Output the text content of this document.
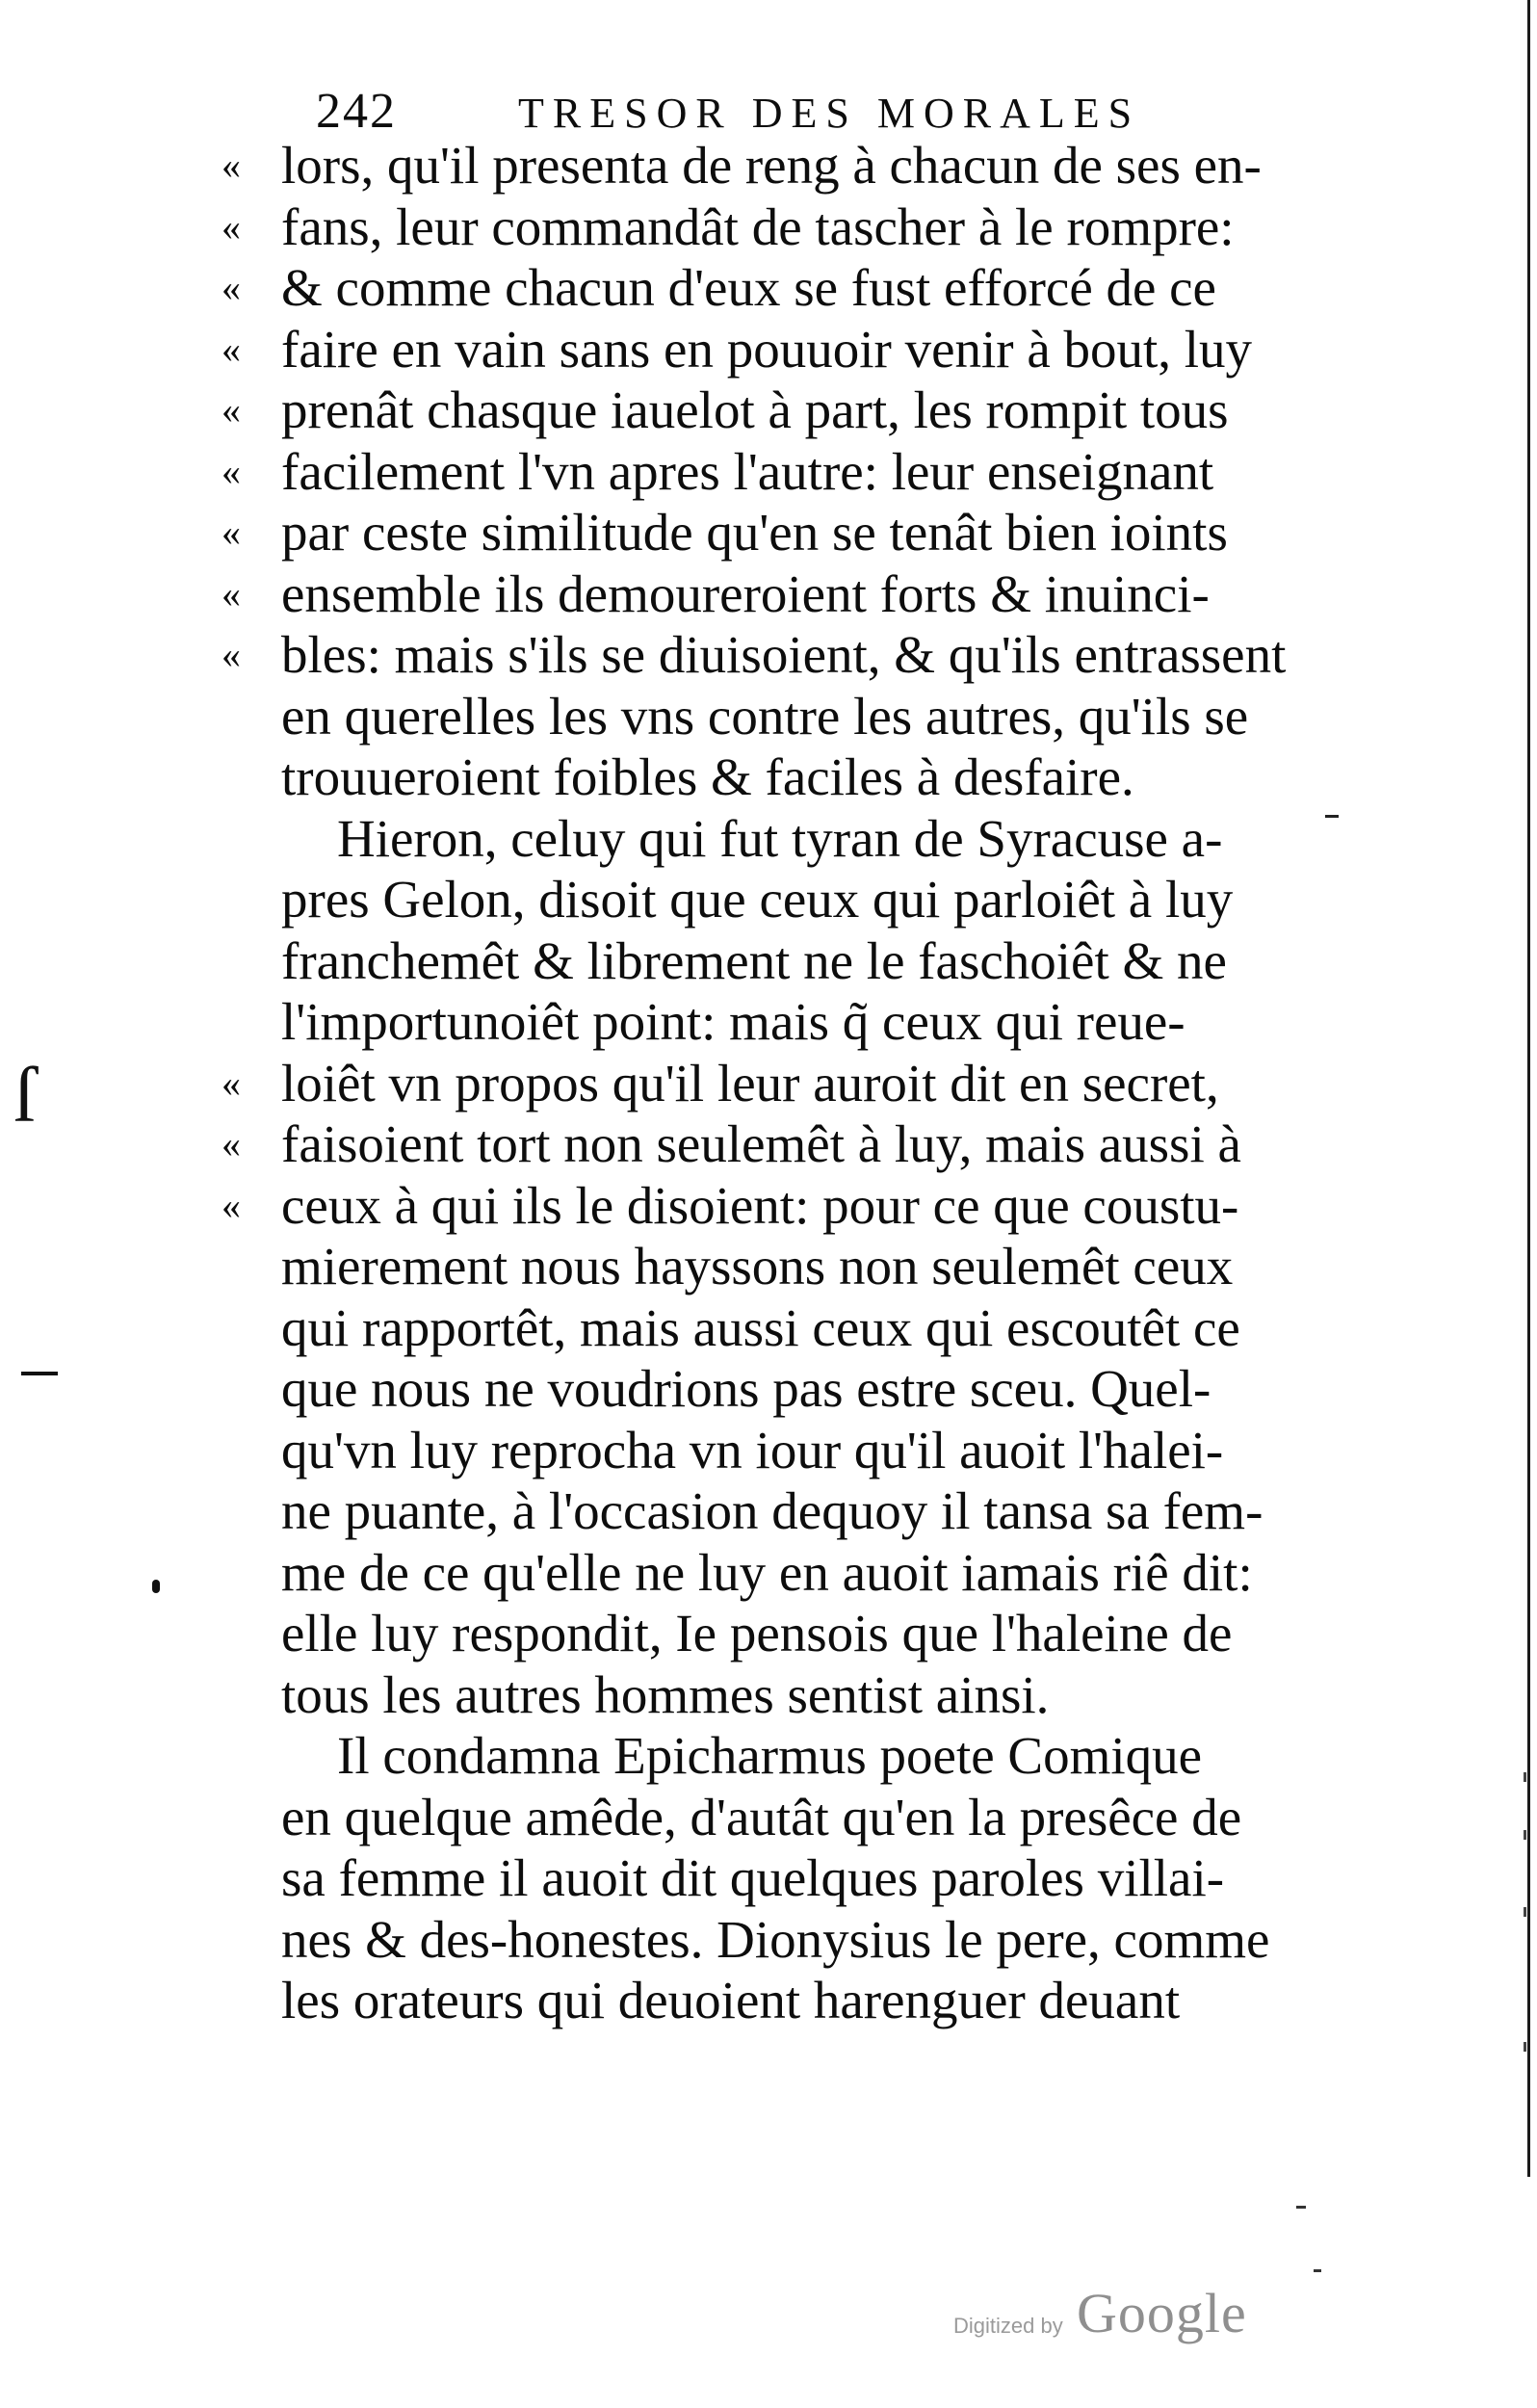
242	TRESOR DES MORALES
« lors, qu'il presenta de reng à chacun de ses en-
« fans, leur commandât de tascher à le rompre:
« & comme chacun d'eux se fust efforcé de ce
« faire en vain sans en pouuoir venir à bout, luy
« prenât chasque iauelot à part, les rompit tous
« facilement l'vn apres l'autre: leur enseignant
« par ceste similitude qu'en se tenât bien ioints
« ensemble ils demoureroient forts & inuinci-
« bles: mais s'ils se diuisoient, & qu'ils entrassent
en querelles les vns contre les autres, qu'ils se
trouueroient foibles & faciles à desfaire.
Hieron, celuy qui fut tyran de Syracuse a-
pres Gelon, disoit que ceux qui parloiêt à luy
franchemêt & librement ne le faschoiêt & ne
l'importunoiêt point: mais q̃ ceux qui reue-
« loiêt vn propos qu'il leur auroit dit en secret,
« faisoient tort non seulemêt à luy, mais aussi à
« ceux à qui ils le disoient: pour ce que coustu-
mierement nous hayssons non seulemêt ceux
qui rapportêt, mais aussi ceux qui escoutêt ce
que nous ne voudrions pas estre sceu. Quel-
qu'vn luy reprocha vn iour qu'il auoit l'halei-
ne puante, à l'occasion dequoy il tansa sa fem-
me de ce qu'elle ne luy en auoit iamais riê dit:
elle luy respondit, Ie pensois que l'haleine de
tous les autres hommes sentist ainsi.
Il condamna Epicharmus poete Comique
en quelque amêde, d'autât qu'en la presêce de
sa femme il auoit dit quelques paroles villai-
nes & des-honestes. Dionysius le pere, comme
les orateurs qui deuoient harenguer deuant
ſ
Digitized by Google
